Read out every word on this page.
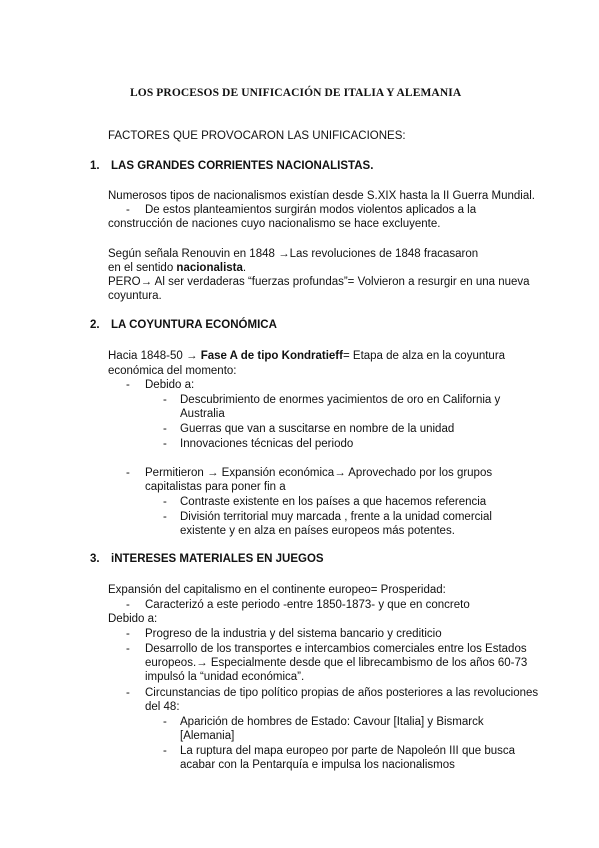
LOS PROCESOS DE UNIFICACIÓN DE ITALIA Y ALEMANIA
FACTORES QUE PROVOCARON LAS UNIFICACIONES:
1. LAS GRANDES CORRIENTES NACIONALISTAS.
Numerosos tipos de nacionalismos existían desde S.XIX hasta la II Guerra Mundial.
- De estos planteamientos surgirán modos violentos aplicados a la
construcción de naciones cuyo nacionalismo se hace excluyente.
Según señala Renouvin en 1848 →Las revoluciones de 1848 fracasaron
en el sentido nacionalista.
PERO→ Al ser verdaderas “fuerzas profundas”= Volvieron a resurgir en una nueva
coyuntura.
2. LA COYUNTURA ECONÓMICA
Hacia 1848-50 → Fase A de tipo Kondratieff= Etapa de alza en la coyuntura
económica del momento:
- Debido a:
- Descubrimiento de enormes yacimientos de oro en California y
Australia
- Guerras que van a suscitarse en nombre de la unidad
- Innovaciones técnicas del periodo
- Permitieron → Expansión económica→ Aprovechado por los grupos
capitalistas para poner fin a
- Contraste existente en los países a que hacemos referencia
- División territorial muy marcada , frente a la unidad comercial
existente y en alza en países europeos más potentes.
3. iNTERESES MATERIALES EN JUEGOS
Expansión del capitalismo en el continente europeo= Prosperidad:
- Caracterizó a este periodo -entre 1850-1873- y que en concreto
Debido a:
- Progreso de la industria y del sistema bancario y crediticio
- Desarrollo de los transportes e intercambios comerciales entre los Estados
europeos.→ Especialmente desde que el librecambismo de los años 60-73
impulsó la “unidad económica”.
- Circunstancias de tipo político propias de años posteriores a las revoluciones
del 48:
- Aparición de hombres de Estado: Cavour [Italia] y Bismarck
[Alemania]
- La ruptura del mapa europeo por parte de Napoleón III que busca
acabar con la Pentarquía e impulsa los nacionalismos
